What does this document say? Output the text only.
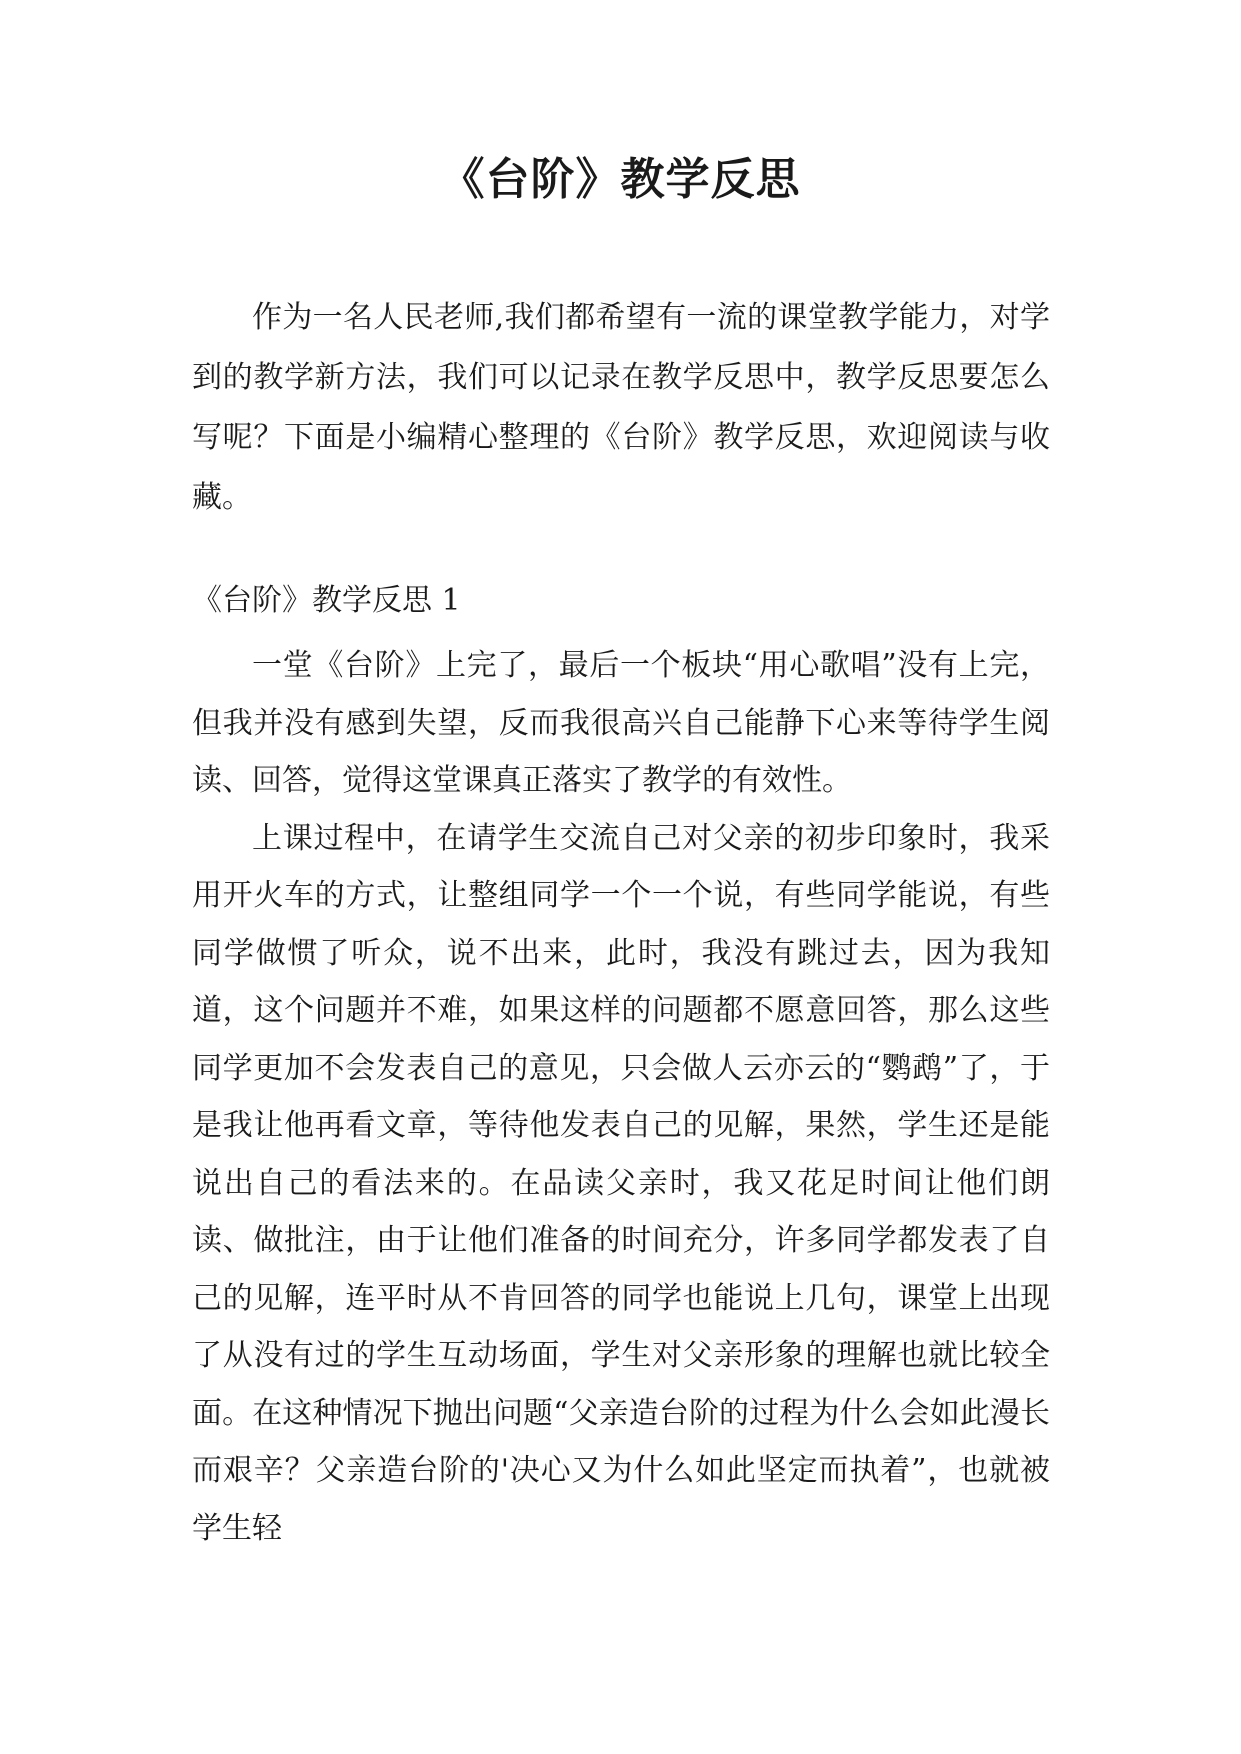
《台阶》教学反思

作为一名人民老师,我们都希望有一流的课堂教学能力，对学到的教学新方法，我们可以记录在教学反思中，教学反思要怎么写呢？下面是小编精心整理的《台阶》教学反思，欢迎阅读与收藏。

《台阶》教学反思 1

一堂《台阶》上完了，最后一个板块“用心歌唱”没有上完，但我并没有感到失望，反而我很高兴自己能静下心来等待学生阅读、回答，觉得这堂课真正落实了教学的有效性。

上课过程中，在请学生交流自己对父亲的初步印象时，我采用开火车的方式，让整组同学一个一个说，有些同学能说，有些同学做惯了听众，说不出来，此时，我没有跳过去，因为我知道，这个问题并不难，如果这样的问题都不愿意回答，那么这些同学更加不会发表自己的意见，只会做人云亦云的“鹦鹉”了，于是我让他再看文章，等待他发表自己的见解，果然，学生还是能说出自己的看法来的。在品读父亲时，我又花足时间让他们朗读、做批注，由于让他们准备的时间充分，许多同学都发表了自己的见解，连平时从不肯回答的同学也能说上几句，课堂上出现了从没有过的学生互动场面，学生对父亲形象的理解也就比较全面。在这种情况下抛出问题“父亲造台阶的过程为什么会如此漫长而艰辛？父亲造台阶的'决心又为什么如此坚定而执着”，也就被学生轻
